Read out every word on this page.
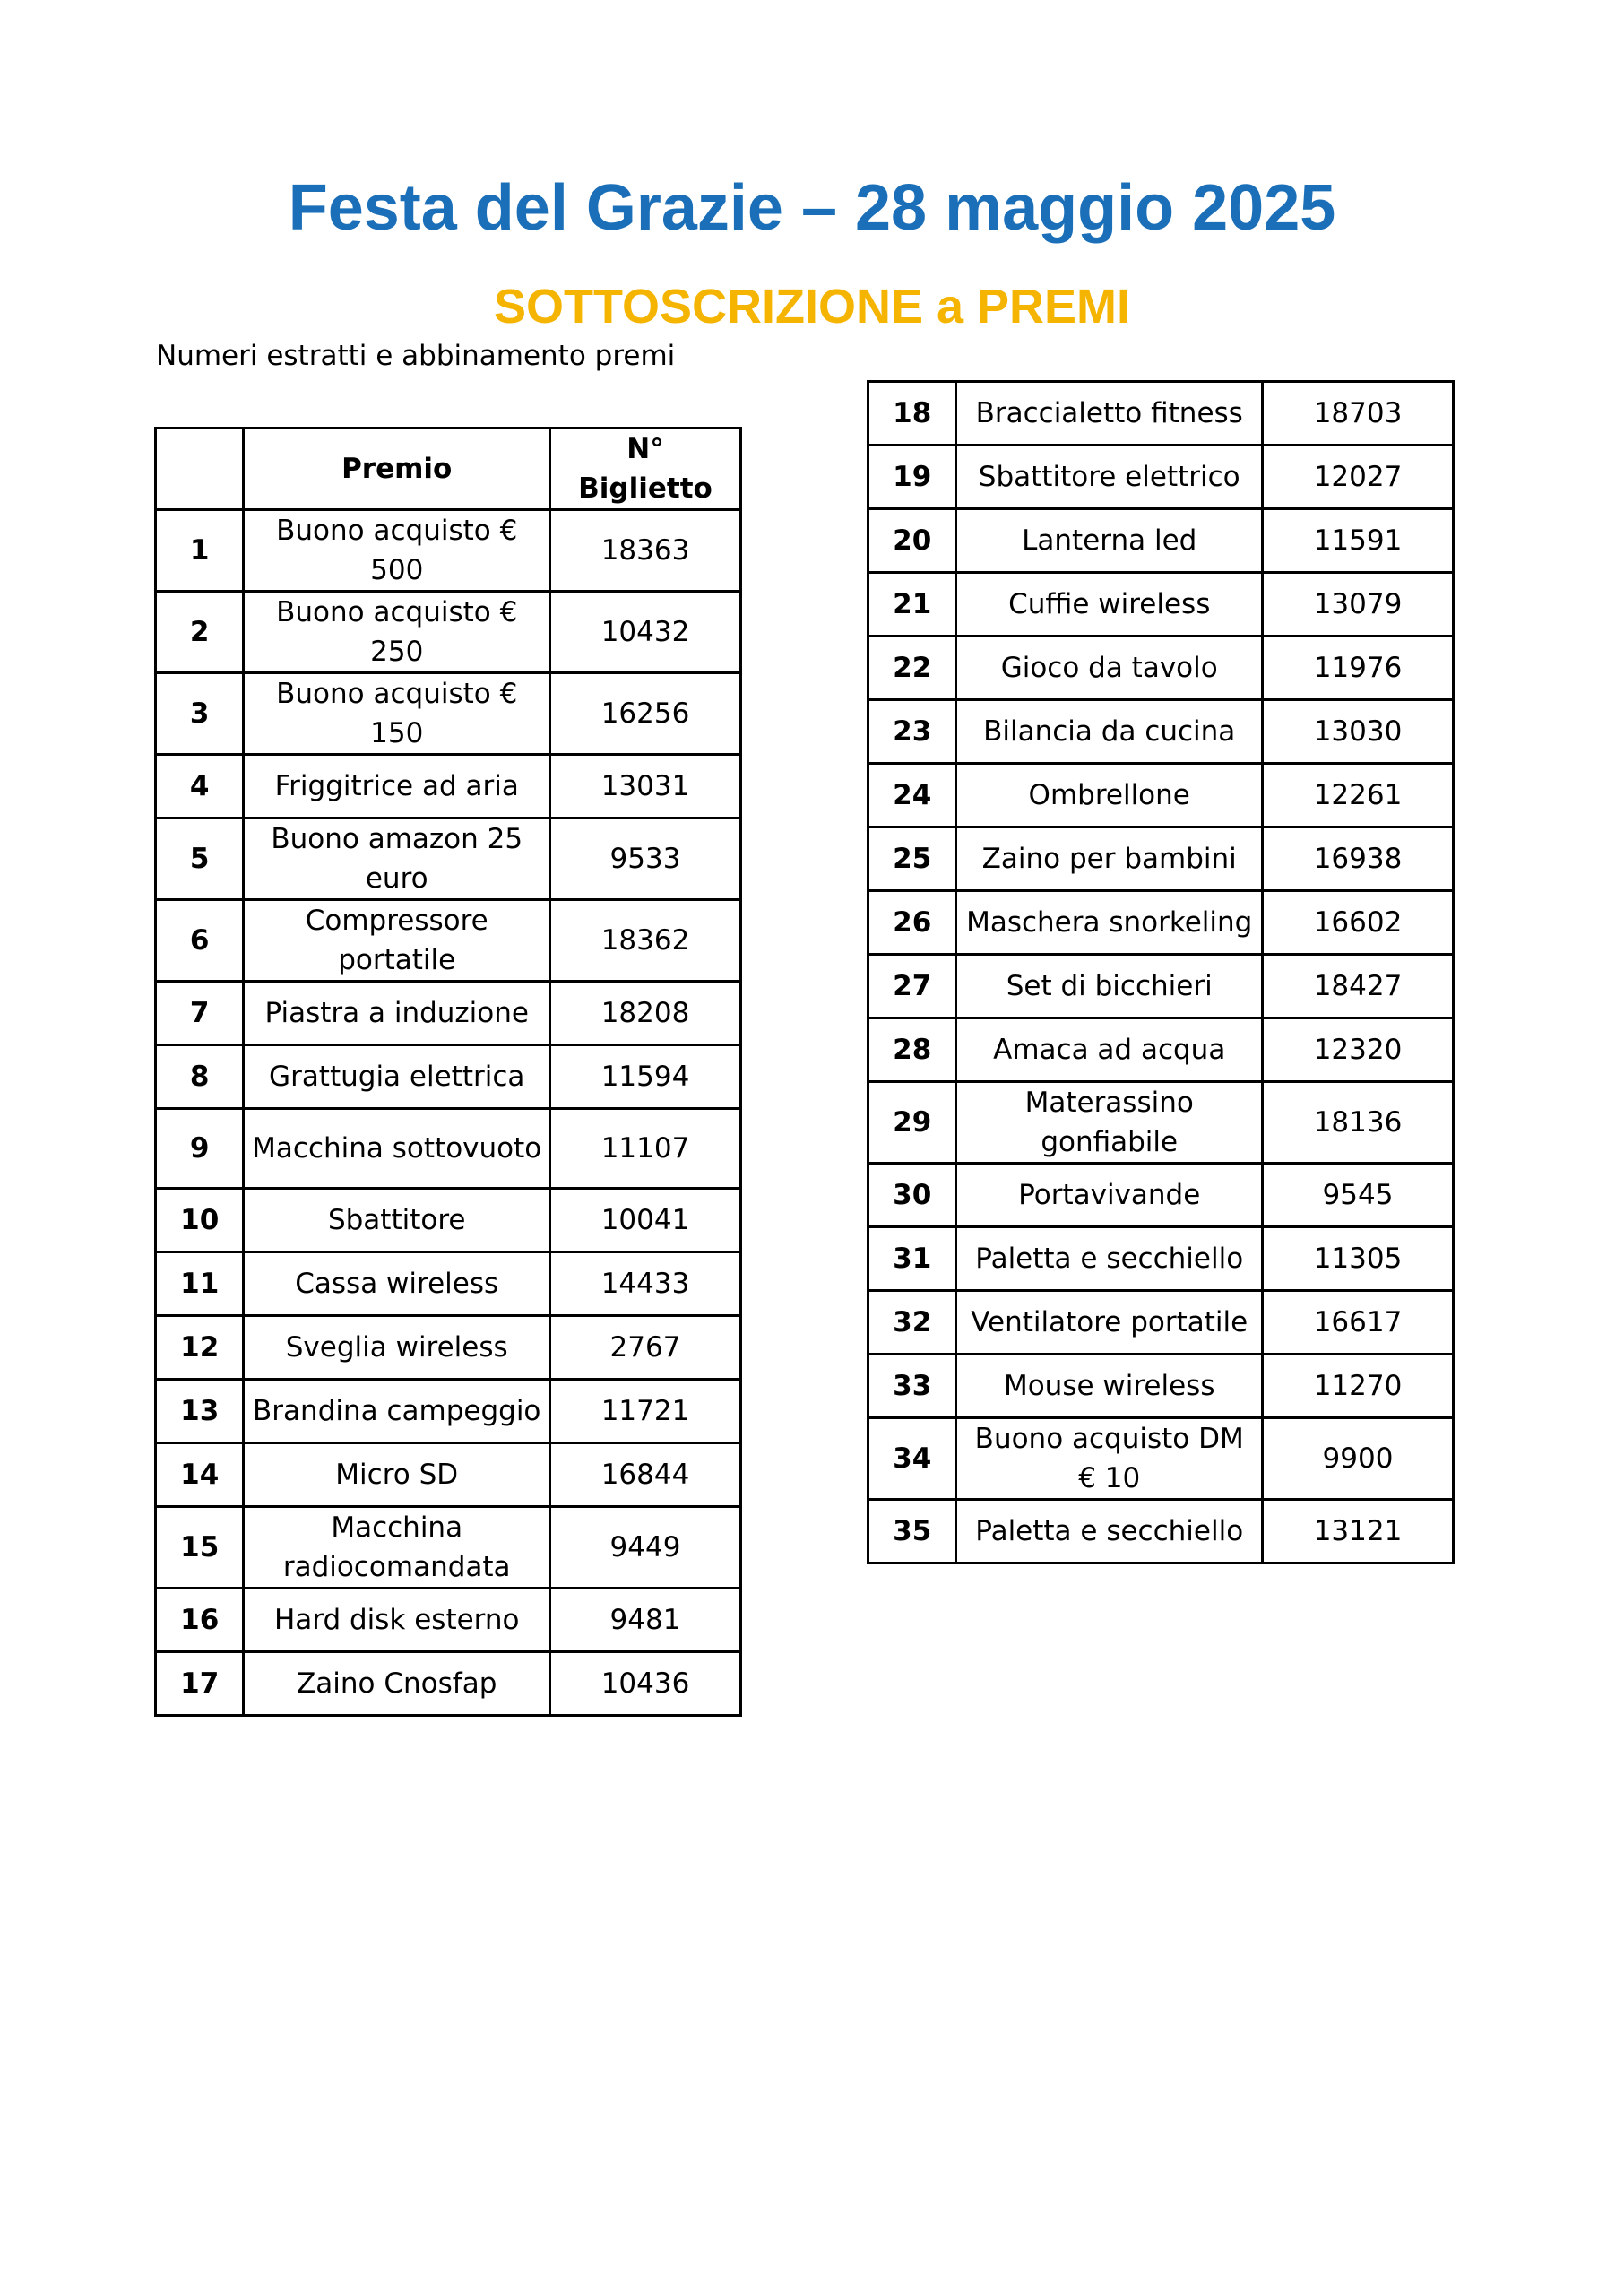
Festa del Grazie – 28 maggio 2025
SOTTOSCRIZIONE a PREMI
Numeri estratti e abbinamento premi
	Premio	N° Biglietto
1	Buono acquisto € 500	18363
2	Buono acquisto € 250	10432
3	Buono acquisto € 150	16256
4	Friggitrice ad aria	13031
5	Buono amazon 25 euro	9533
6	Compressore portatile	18362
7	Piastra a induzione	18208
8	Grattugia elettrica	11594
9	Macchina sottovuoto	11107
10	Sbattitore	10041
11	Cassa wireless	14433
12	Sveglia wireless	2767
13	Brandina campeggio	11721
14	Micro SD	16844
15	Macchina radiocomandata	9449
16	Hard disk esterno	9481
17	Zaino Cnosfap	10436
18	Braccialetto fitness	18703
19	Sbattitore elettrico	12027
20	Lanterna led	11591
21	Cuffie wireless	13079
22	Gioco da tavolo	11976
23	Bilancia da cucina	13030
24	Ombrellone	12261
25	Zaino per bambini	16938
26	Maschera snorkeling	16602
27	Set di bicchieri	18427
28	Amaca ad acqua	12320
29	Materassino gonfiabile	18136
30	Portavivande	9545
31	Paletta e secchiello	11305
32	Ventilatore portatile	16617
33	Mouse wireless	11270
34	Buono acquisto DM € 10	9900
35	Paletta e secchiello	13121
